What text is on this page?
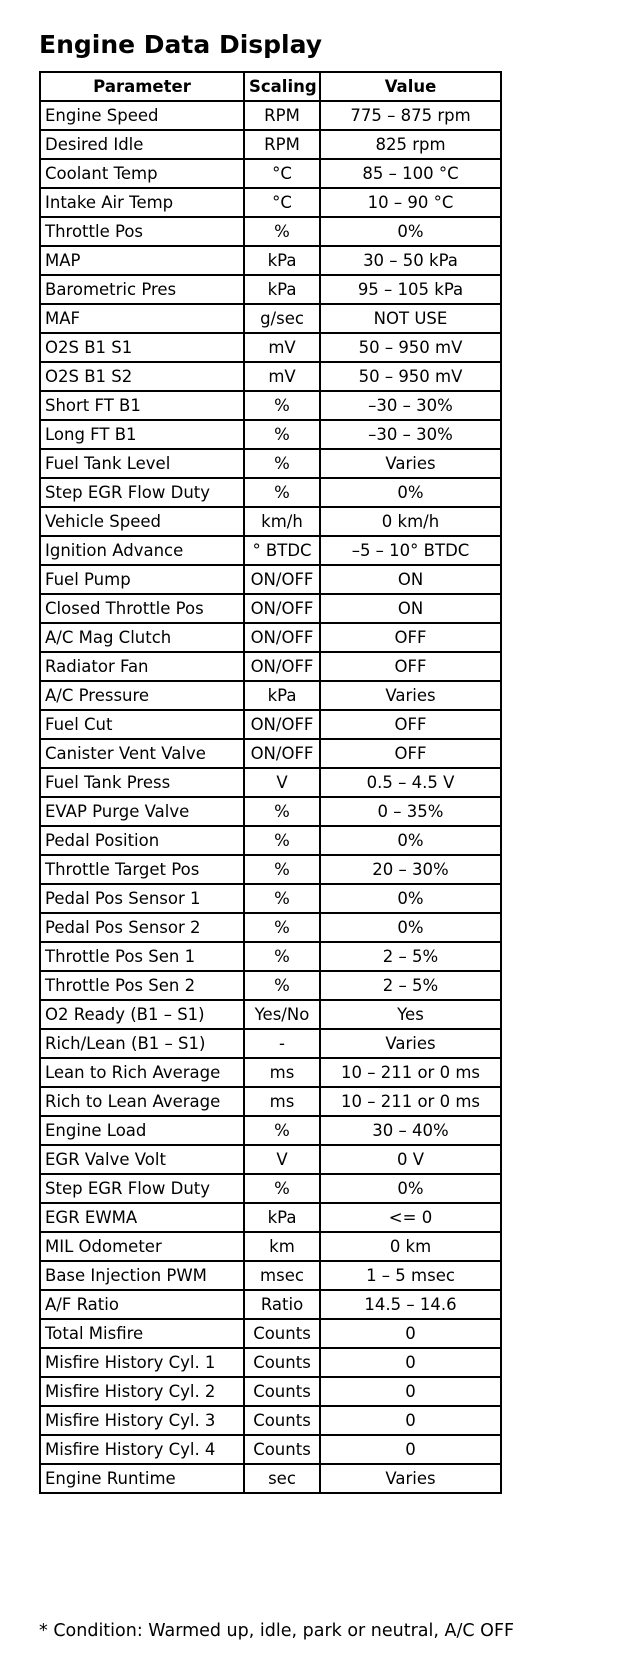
Engine Data Display
Parameter	Scaling	Value
Engine Speed	RPM	775 – 875 rpm
Desired Idle	RPM	825 rpm
Coolant Temp	°C	85 – 100 °C
Intake Air Temp	°C	10 – 90 °C
Throttle Pos	%	0%
MAP	kPa	30 – 50 kPa
Barometric Pres	kPa	95 – 105 kPa
MAF	g/sec	NOT USE
O2S B1 S1	mV	50 – 950 mV
O2S B1 S2	mV	50 – 950 mV
Short FT B1	%	–30 – 30%
Long FT B1	%	–30 – 30%
Fuel Tank Level	%	Varies
Step EGR Flow Duty	%	0%
Vehicle Speed	km/h	0 km/h
Ignition Advance	° BTDC	–5 – 10° BTDC
Fuel Pump	ON/OFF	ON
Closed Throttle Pos	ON/OFF	ON
A/C Mag Clutch	ON/OFF	OFF
Radiator Fan	ON/OFF	OFF
A/C Pressure	kPa	Varies
Fuel Cut	ON/OFF	OFF
Canister Vent Valve	ON/OFF	OFF
Fuel Tank Press	V	0.5 – 4.5 V
EVAP Purge Valve	%	0 – 35%
Pedal Position	%	0%
Throttle Target Pos	%	20 – 30%
Pedal Pos Sensor 1	%	0%
Pedal Pos Sensor 2	%	0%
Throttle Pos Sen 1	%	2 – 5%
Throttle Pos Sen 2	%	2 – 5%
O2 Ready (B1 – S1)	Yes/No	Yes
Rich/Lean (B1 – S1)	-	Varies
Lean to Rich Average	ms	10 – 211 or 0 ms
Rich to Lean Average	ms	10 – 211 or 0 ms
Engine Load	%	30 – 40%
EGR Valve Volt	V	0 V
Step EGR Flow Duty	%	0%
EGR EWMA	kPa	<= 0
MIL Odometer	km	0 km
Base Injection PWM	msec	1 – 5 msec
A/F Ratio	Ratio	14.5 – 14.6
Total Misfire	Counts	0
Misfire History Cyl. 1	Counts	0
Misfire History Cyl. 2	Counts	0
Misfire History Cyl. 3	Counts	0
Misfire History Cyl. 4	Counts	0
Engine Runtime	sec	Varies

* Condition: Warmed up, idle, park or neutral, A/C OFF
